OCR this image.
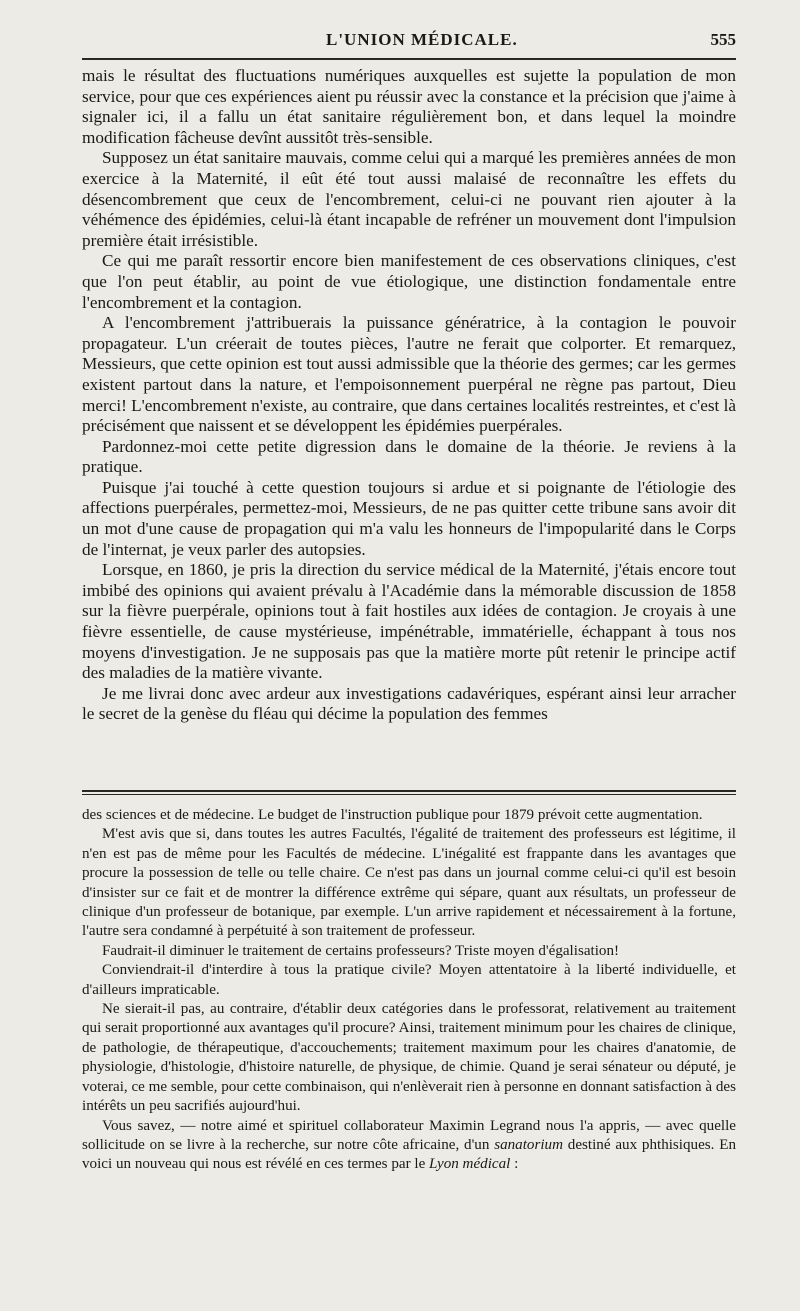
L'UNION MÉDICALE.	555

mais le résultat des fluctuations numériques auxquelles est sujette la population de mon service, pour que ces expériences aient pu réussir avec la constance et la précision que j'aime à signaler ici, il a fallu un état sanitaire régulièrement bon, et dans lequel la moindre modification fâcheuse devînt aussitôt très-sensible.

Supposez un état sanitaire mauvais, comme celui qui a marqué les premières années de mon exercice à la Maternité, il eût été tout aussi malaisé de reconnaître les effets du désencombrement que ceux de l'encombrement, celui-ci ne pouvant rien ajouter à la véhémence des épidémies, celui-là étant incapable de refréner un mouvement dont l'impulsion première était irrésistible.

Ce qui me paraît ressortir encore bien manifestement de ces observations cliniques, c'est que l'on peut établir, au point de vue étiologique, une distinction fondamentale entre l'encombrement et la contagion.

A l'encombrement j'attribuerais la puissance génératrice, à la contagion le pouvoir propagateur. L'un créerait de toutes pièces, l'autre ne ferait que colporter. Et remarquez, Messieurs, que cette opinion est tout aussi admissible que la théorie des germes; car les germes existent partout dans la nature, et l'empoisonnement puerpéral ne règne pas partout, Dieu merci! L'encombrement n'existe, au contraire, que dans certaines localités restreintes, et c'est là précisément que naissent et se développent les épidémies puerpérales.

Pardonnez-moi cette petite digression dans le domaine de la théorie. Je reviens à la pratique.

Puisque j'ai touché à cette question toujours si ardue et si poignante de l'étiologie des affections puerpérales, permettez-moi, Messieurs, de ne pas quitter cette tribune sans avoir dit un mot d'une cause de propagation qui m'a valu les honneurs de l'impopularité dans le Corps de l'internat, je veux parler des autopsies.

Lorsque, en 1860, je pris la direction du service médical de la Maternité, j'étais encore tout imbibé des opinions qui avaient prévalu à l'Académie dans la mémorable discussion de 1858 sur la fièvre puerpérale, opinions tout à fait hostiles aux idées de contagion. Je croyais à une fièvre essentielle, de cause mystérieuse, impénétrable, immatérielle, échappant à tous nos moyens d'investigation. Je ne supposais pas que la matière morte pût retenir le principe actif des maladies de la matière vivante.

Je me livrai donc avec ardeur aux investigations cadavériques, espérant ainsi leur arracher le secret de la genèse du fléau qui décime la population des femmes

des sciences et de médecine. Le budget de l'instruction publique pour 1879 prévoit cette augmentation.

M'est avis que si, dans toutes les autres Facultés, l'égalité de traitement des professeurs est légitime, il n'en est pas de même pour les Facultés de médecine. L'inégalité est frappante dans les avantages que procure la possession de telle ou telle chaire. Ce n'est pas dans un journal comme celui-ci qu'il est besoin d'insister sur ce fait et de montrer la différence extrême qui sépare, quant aux résultats, un professeur de clinique d'un professeur de botanique, par exemple. L'un arrive rapidement et nécessairement à la fortune, l'autre sera condamné à perpétuité à son traitement de professeur.

Faudrait-il diminuer le traitement de certains professeurs? Triste moyen d'égalisation!

Conviendrait-il d'interdire à tous la pratique civile? Moyen attentatoire à la liberté individuelle, et d'ailleurs impraticable.

Ne sierait-il pas, au contraire, d'établir deux catégories dans le professorat, relativement au traitement qui serait proportionné aux avantages qu'il procure? Ainsi, traitement minimum pour les chaires de clinique, de pathologie, de thérapeutique, d'accouchements; traitement maximum pour les chaires d'anatomie, de physiologie, d'histologie, d'histoire naturelle, de physique, de chimie. Quand je serai sénateur ou député, je voterai, ce me semble, pour cette combinaison, qui n'enlèverait rien à personne en donnant satisfaction à des intérêts un peu sacrifiés aujourd'hui.

Vous savez, — notre aimé et spirituel collaborateur Maximin Legrand nous l'a appris, — avec quelle sollicitude on se livre à la recherche, sur notre côte africaine, d'un sanatorium destiné aux phthisiques. En voici un nouveau qui nous est révélé en ces termes par le Lyon médical :
